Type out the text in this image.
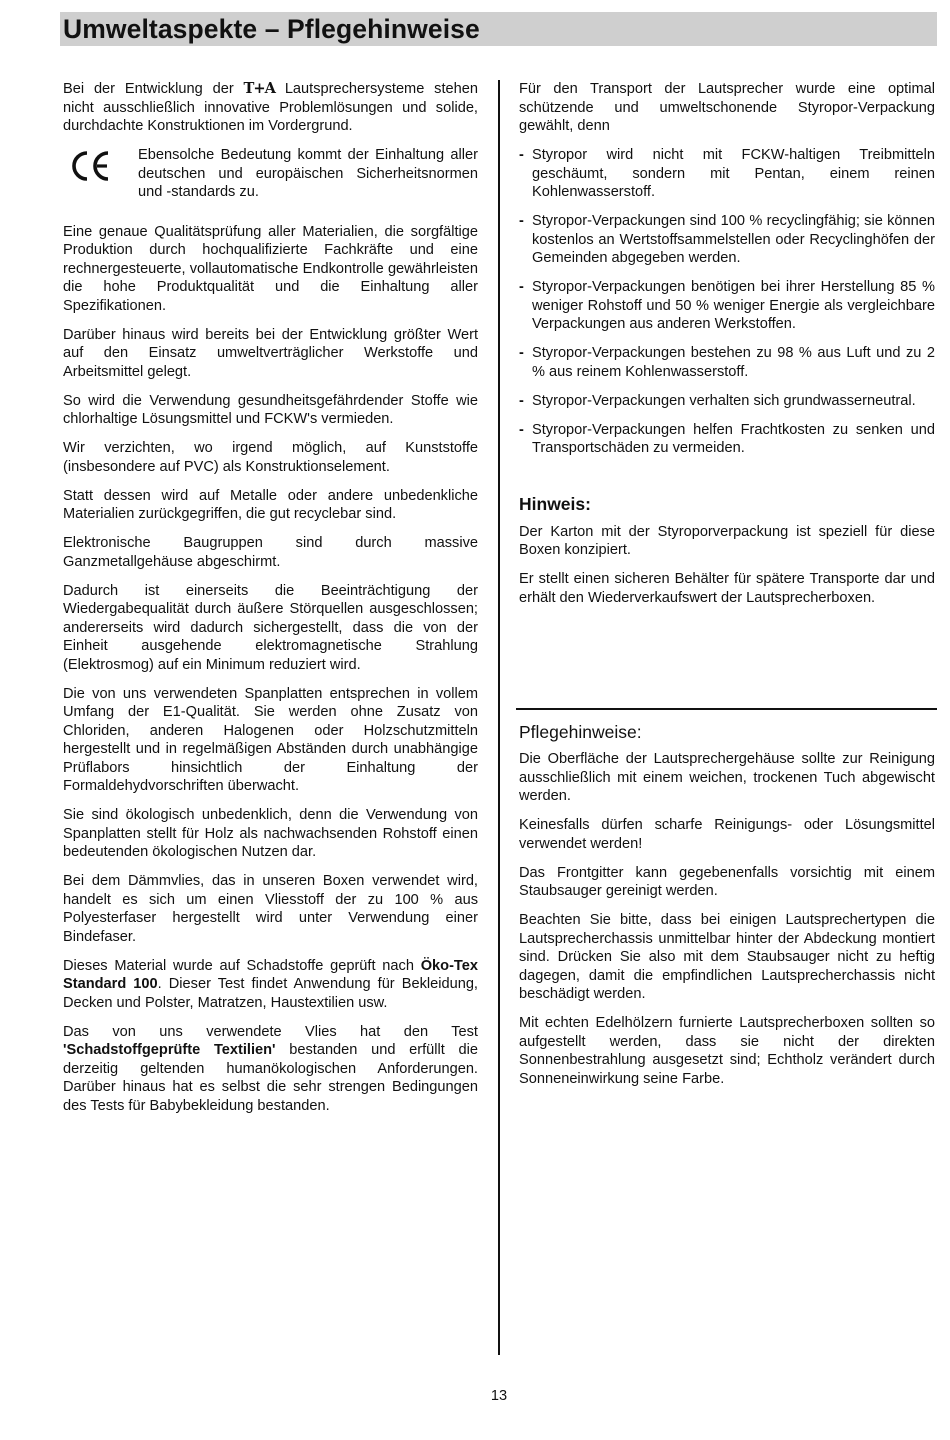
Umweltaspekte – Pflegehinweise

Bei der Entwicklung der T+A Lautsprechersysteme stehen nicht ausschließlich innovative Problemlösungen und solide, durchdachte Konstruktionen im Vordergrund.

Ebensolche Bedeutung kommt der Einhaltung aller deutschen und europäischen Sicherheitsnormen und -standards zu.

Eine genaue Qualitätsprüfung aller Materialien, die sorgfältige Produktion durch hochqualifizierte Fachkräfte und eine rechnergesteuerte, vollautomatische Endkontrolle gewährleisten die hohe Produktqualität und die Einhaltung aller Spezifikationen.

Darüber hinaus wird bereits bei der Entwicklung größter Wert auf den Einsatz umweltverträglicher Werkstoffe und Arbeitsmittel gelegt.

So wird die Verwendung gesundheitsgefährdender Stoffe wie chlorhaltige Lösungsmittel und FCKW's vermieden.

Wir verzichten, wo irgend möglich, auf Kunststoffe (insbesondere auf PVC) als Konstruktionselement.

Statt dessen wird auf Metalle oder andere unbedenkliche Materialien zurückgegriffen, die gut recyclebar sind.

Elektronische Baugruppen sind durch massive Ganzmetallgehäuse abgeschirmt.

Dadurch ist einerseits die Beeinträchtigung der Wiedergabequalität durch äußere Störquellen ausgeschlossen; andererseits wird dadurch sichergestellt, dass die von der Einheit ausgehende elektromagnetische Strahlung (Elektrosmog) auf ein Minimum reduziert wird.

Die von uns verwendeten Spanplatten entsprechen in vollem Umfang der E1-Qualität. Sie werden ohne Zusatz von Chloriden, anderen Halogenen oder Holzschutzmitteln hergestellt und in regelmäßigen Abständen durch unabhängige Prüflabors hinsichtlich der Einhaltung der Formaldehydvorschriften überwacht.

Sie sind ökologisch unbedenklich, denn die Verwendung von Spanplatten stellt für Holz als nachwachsenden Rohstoff einen bedeutenden ökologischen Nutzen dar.

Bei dem Dämmvlies, das in unseren Boxen verwendet wird, handelt es sich um einen Vliesstoff der zu 100 % aus Polyesterfaser hergestellt wird unter Verwendung einer Bindefaser.

Dieses Material wurde auf Schadstoffe geprüft nach Öko-Tex Standard 100. Dieser Test findet Anwendung für Bekleidung, Decken und Polster, Matratzen, Haustextilien usw.

Das von uns verwendete Vlies hat den Test 'Schadstoffgeprüfte Textilien' bestanden und erfüllt die derzeitig geltenden humanökologischen Anforderungen. Darüber hinaus hat es selbst die sehr strengen Bedingungen des Tests für Babybekleidung bestanden.

Für den Transport der Lautsprecher wurde eine optimal schützende und umweltschonende Styropor-Verpackung gewählt, denn

- Styropor wird nicht mit FCKW-haltigen Treibmitteln geschäumt, sondern mit Pentan, einem reinen Kohlenwasserstoff.
- Styropor-Verpackungen sind 100 % recyclingfähig; sie können kostenlos an Wertstoffsammelstellen oder Recyclinghöfen der Gemeinden abgegeben werden.
- Styropor-Verpackungen benötigen bei ihrer Herstellung 85 % weniger Rohstoff und 50 % weniger Energie als vergleichbare Verpackungen aus anderen Werkstoffen.
- Styropor-Verpackungen bestehen zu 98 % aus Luft und zu 2 % aus reinem Kohlenwasserstoff.
- Styropor-Verpackungen verhalten sich grundwasserneutral.
- Styropor-Verpackungen helfen Frachtkosten zu senken und Transportschäden zu vermeiden.
Hinweis:

Der Karton mit der Styroporverpackung ist speziell für diese Boxen konzipiert.

Er stellt einen sicheren Behälter für spätere Transporte dar und erhält den Wiederverkaufswert der Lautsprecherboxen.

Pflegehinweise:

Die Oberfläche der Lautsprechergehäuse sollte zur Reinigung ausschließlich mit einem weichen, trockenen Tuch abgewischt werden.

Keinesfalls dürfen scharfe Reinigungs- oder Lösungsmittel verwendet werden!

Das Frontgitter kann gegebenenfalls vorsichtig mit einem Staubsauger gereinigt werden.

Beachten Sie bitte, dass bei einigen Lautsprechertypen die Lautsprecherchassis unmittelbar hinter der Abdeckung montiert sind. Drücken Sie also mit dem Staubsauger nicht zu heftig dagegen, damit die empfindlichen Lautsprecherchassis nicht beschädigt werden.

Mit echten Edelhölzern furnierte Lautsprecherboxen sollten so aufgestellt werden, dass sie nicht der direkten Sonnenbestrahlung ausgesetzt sind; Echtholz verändert durch Sonneneinwirkung seine Farbe.

13
